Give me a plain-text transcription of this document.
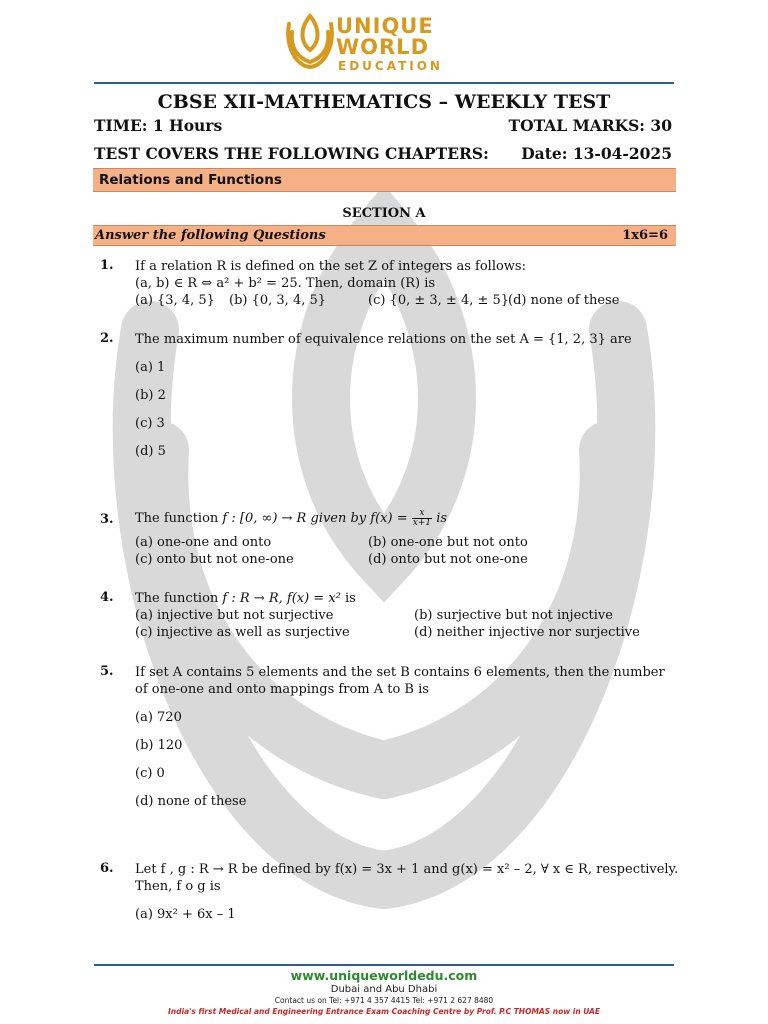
UNIQUE
WORLD
EDUCATION
CBSE XII-MATHEMATICS – WEEKLY TEST
TIME: 1 Hours	TOTAL MARKS: 30
TEST COVERS THE FOLLOWING CHAPTERS: Date: 13-04-2025
Relations and Functions
SECTION A
Answer the following Questions	1x6=6
1. If a relation R is defined on the set Z of integers as follows:
(a, b) ∈ R ⇔ a² + b² = 25. Then, domain (R) is
(a) {3, 4, 5} (b) {0, 3, 4, 5}	(c) {0, ± 3, ± 4, ± 5}
(d) none of these
2. The maximum number of equivalence relations on the set A = {1, 2, 3} are
(a) 1
(b) 2
(c) 3
(d) 5
3. The function f : [0, ∞) → R given by $f(x) = \frac{x}{x+1}$ is
(a) one-one and onto	(b) one-one but not onto
(c) onto but not one-one	(d) onto but not one-one
4. The function f : R → R, f(x) = x² is
(a) injective but not surjective	(b) surjective but not injective
(c) injective as well as surjective	(d) neither injective nor surjective
5. If set A contains 5 elements and the set B contains 6 elements, then the number
of one-one and onto mappings from A to B is
(a) 720
(b) 120
(c) 0
(d) none of these
6. Let f , g : R → R be defined by f(x) = 3x + 1 and g(x) = x² – 2, ∀ x ∈ R, respectively.
Then, f o g is
(a) 9x² + 6x – 1
www.uniqueworldedu.com
Dubai and Abu Dhabi
Contact us on Tel: +971 4 357 4415 Tel: +971 2 627 8480
India's first Medical and Engineering Entrance Exam Coaching Centre by Prof. P.C THOMAS now in UAE
